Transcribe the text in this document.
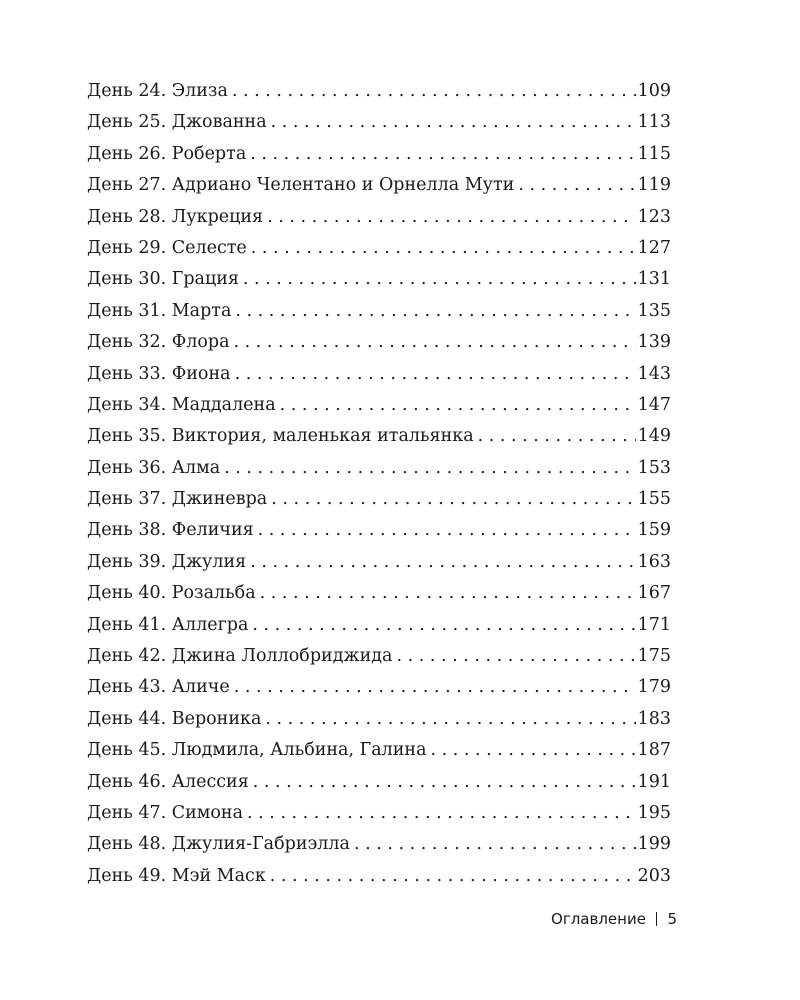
День 24. Элиза . . .	109
День 25. Джованна . . .	113
День 26. Роберта . . .	115
День 27. Адриано Челентано и Орнелла Мути . . .	119
День 28. Лукреция . . .	123
День 29. Селесте . . .	127
День 30. Грация . . .	131
День 31. Марта . . .	135
День 32. Флора . . .	139
День 33. Фиона . . .	143
День 34. Маддалена . . .	147
День 35. Виктория, маленькая итальянка . . .	149
День 36. Алма . . .	153
День 37. Джиневра . . .	155
День 38. Феличия . . .	159
День 39. Джулия . . .	163
День 40. Розальба . . .	167
День 41. Аллегра . . .	171
День 42. Джина Лоллобриджида . . .	175
День 43. Аличе . . .	179
День 44. Вероника . . .	183
День 45. Людмила, Альбина, Галина . . .	187
День 46. Алессия . . .	191
День 47. Симона . . .	195
День 48. Джулия-Габриэлла . . .	199
День 49. Мэй Маск . . .	203
Оглавление 5
